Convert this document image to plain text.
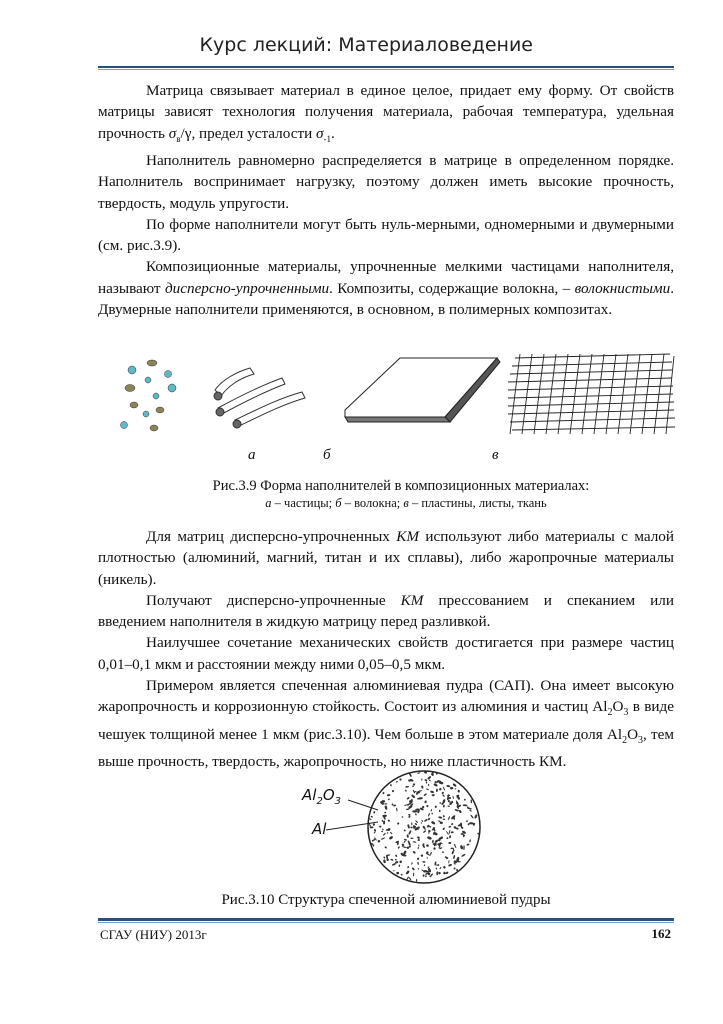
Курс лекций: Материаловедение

Матрица связывает материал в единое целое, придает ему форму. От свойств матрицы зависят технология получения материала, рабочая температура, удельная прочность $\sigma_в/\gamma$, предел усталости $\sigma_{-1}$.

Наполнитель равномерно распределяется в матрице в определенном порядке. Наполнитель воспринимает нагрузку, поэтому должен иметь высокие прочность, твердость, модуль упругости.

По форме наполнители могут быть нуль-мерными, одномерными и двумерными (см. рис.3.9).

Композиционные материалы, упрочненные мелкими частицами наполнителя, называют дисперсно-упрочненными. Композиты, содержащие волокна, – волокнистыми. Двумерные наполнители применяются, в основном, в полимерных композитах.

а	б	в
Рис.3.9 Форма наполнителей в композиционных материалах:
а – частицы; б – волокна; в – пластины, листы, ткань

Для матриц дисперсно-упрочненных КМ используют либо материалы с малой плотностью (алюминий, магний, титан и их сплавы), либо жаропрочные материалы (никель).

Получают дисперсно-упрочненные КМ прессованием и спеканием или введением наполнителя в жидкую матрицу перед разливкой.

Наилучшее сочетание механических свойств достигается при размере частиц 0,01–0,1 мкм и расстоянии между ними 0,05–0,5 мкм.

Примером является спеченная алюминиевая пудра (САП). Она имеет высокую жаропрочность и коррозионную стойкость. Состоит из алюминия и частиц $Al_2O_3$ в виде чешуек толщиной менее 1 мкм (рис.3.10). Чем больше в этом материале доля $Al_2O_3$, тем выше прочность, твердость, жаропрочность, но ниже пластичность КМ.

$Al_2O_3$
Al
Рис.3.10 Структура спеченной алюминиевой пудры
СГАУ (НИУ) 2013г	162
